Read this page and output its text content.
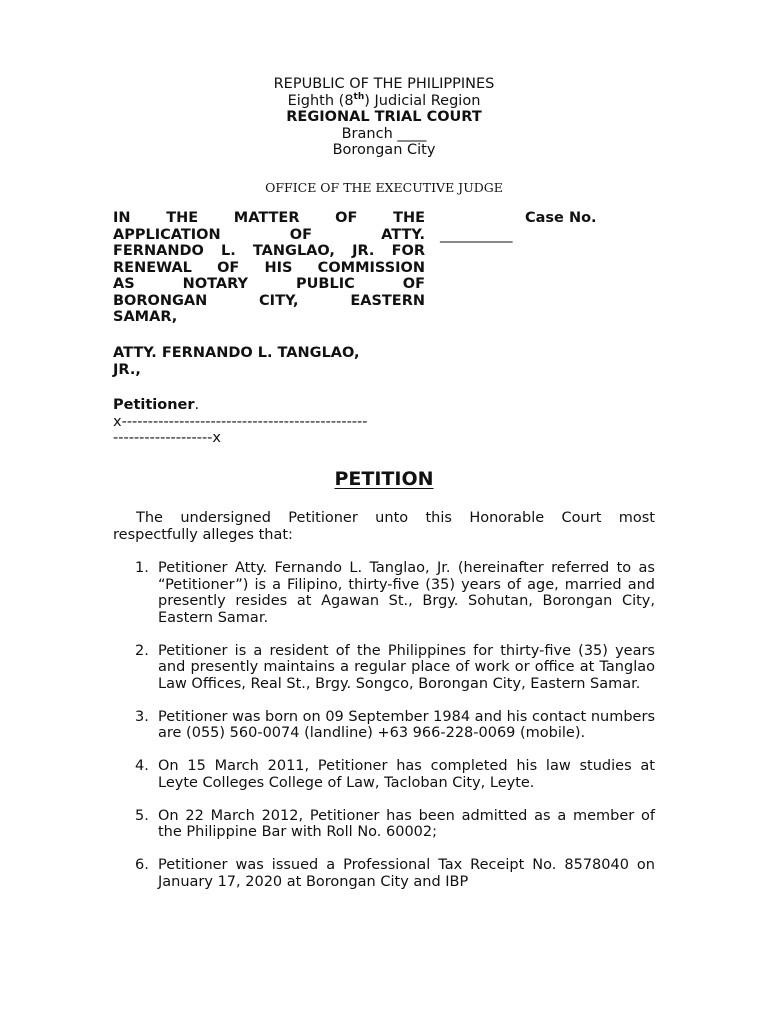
REPUBLIC OF THE PHILIPPINES
Eighth (8th) Judicial Region
REGIONAL TRIAL COURT
Branch ____
Borongan City
OFFICE OF THE EXECUTIVE JUDGE
IN THE MATTER OF THE
APPLICATION OF ATTY.
FERNANDO L. TANGLAO, JR. FOR
RENEWAL OF HIS COMMISSION
AS NOTARY PUBLIC OF
BORONGAN CITY, EASTERN
SAMAR,
ATTY. FERNANDO L. TANGLAO,
JR.,
Petitioner.
x-----------------------------------------------
-------------------x
Case No.
__________
PETITION
The undersigned Petitioner unto this Honorable Court most respectfully alleges that:
1. Petitioner Atty. Fernando L. Tanglao, Jr. (hereinafter referred to as “Petitioner”) is a Filipino, thirty-five (35) years of age, married and presently resides at Agawan St., Brgy. Sohutan, Borongan City, Eastern Samar.
2. Petitioner is a resident of the Philippines for thirty-five (35) years and presently maintains a regular place of work or office at Tanglao Law Offices, Real St., Brgy. Songco, Borongan City, Eastern Samar.
3. Petitioner was born on 09 September 1984 and his contact numbers are (055) 560-0074 (landline) +63 966-228-0069 (mobile).
4. On 15 March 2011, Petitioner has completed his law studies at Leyte Colleges College of Law, Tacloban City, Leyte.
5. On 22 March 2012, Petitioner has been admitted as a member of the Philippine Bar with Roll No. 60002;
6. Petitioner was issued a Professional Tax Receipt No. 8578040 on January 17, 2020 at Borongan City and IBP
